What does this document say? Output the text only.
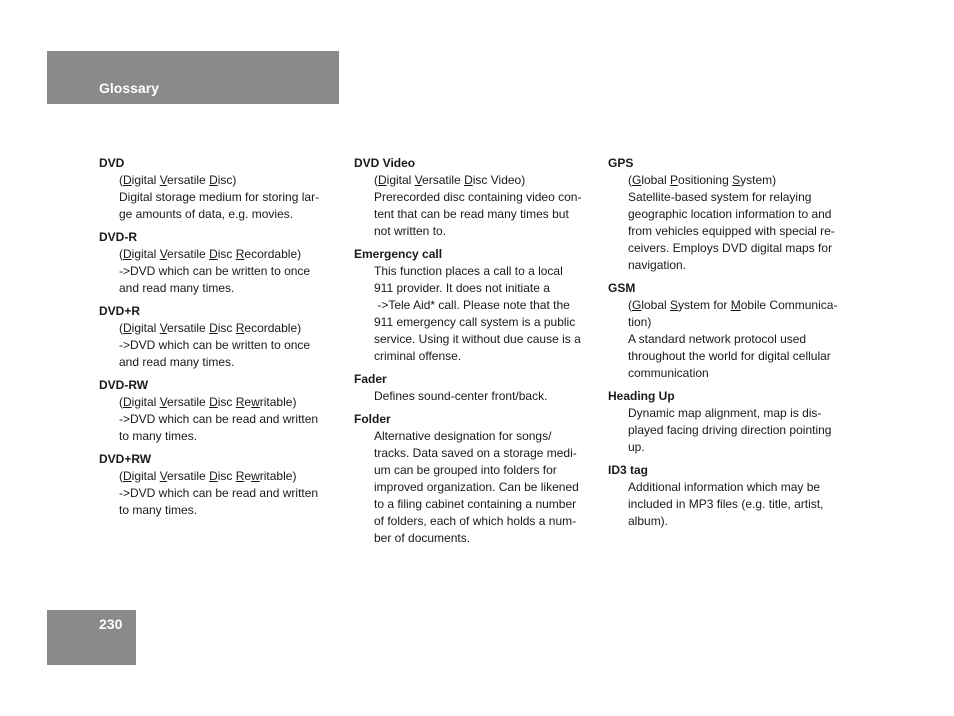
Glossary
DVD
(Digital Versatile Disc)
Digital storage medium for storing lar-
ge amounts of data, e.g. movies.
DVD-R
(Digital Versatile Disc Recordable)
->DVD which can be written to once
and read many times.
DVD+R
(Digital Versatile Disc Recordable)
->DVD which can be written to once
and read many times.
DVD-RW
(Digital Versatile Disc Rewritable)
->DVD which can be read and written
to many times.
DVD+RW
(Digital Versatile Disc Rewritable)
->DVD which can be read and written
to many times.
DVD Video
(Digital Versatile Disc Video)
Prerecorded disc containing video con-
tent that can be read many times but
not written to.
Emergency call
This function places a call to a local
911 provider. It does not initiate a
->Tele Aid* call. Please note that the
911 emergency call system is a public
service. Using it without due cause is a
criminal offense.
Fader
Defines sound-center front/back.
Folder
Alternative designation for songs/
tracks. Data saved on a storage medi-
um can be grouped into folders for
improved organization. Can be likened
to a filing cabinet containing a number
of folders, each of which holds a num-
ber of documents.
GPS
(Global Positioning System)
Satellite-based system for relaying
geographic location information to and
from vehicles equipped with special re-
ceivers. Employs DVD digital maps for
navigation.
GSM
(Global System for Mobile Communica-
tion)
A standard network protocol used
throughout the world for digital cellular
communication
Heading Up
Dynamic map alignment, map is dis-
played facing driving direction pointing
up.
ID3 tag
Additional information which may be
included in MP3 files (e.g. title, artist,
album).
230
